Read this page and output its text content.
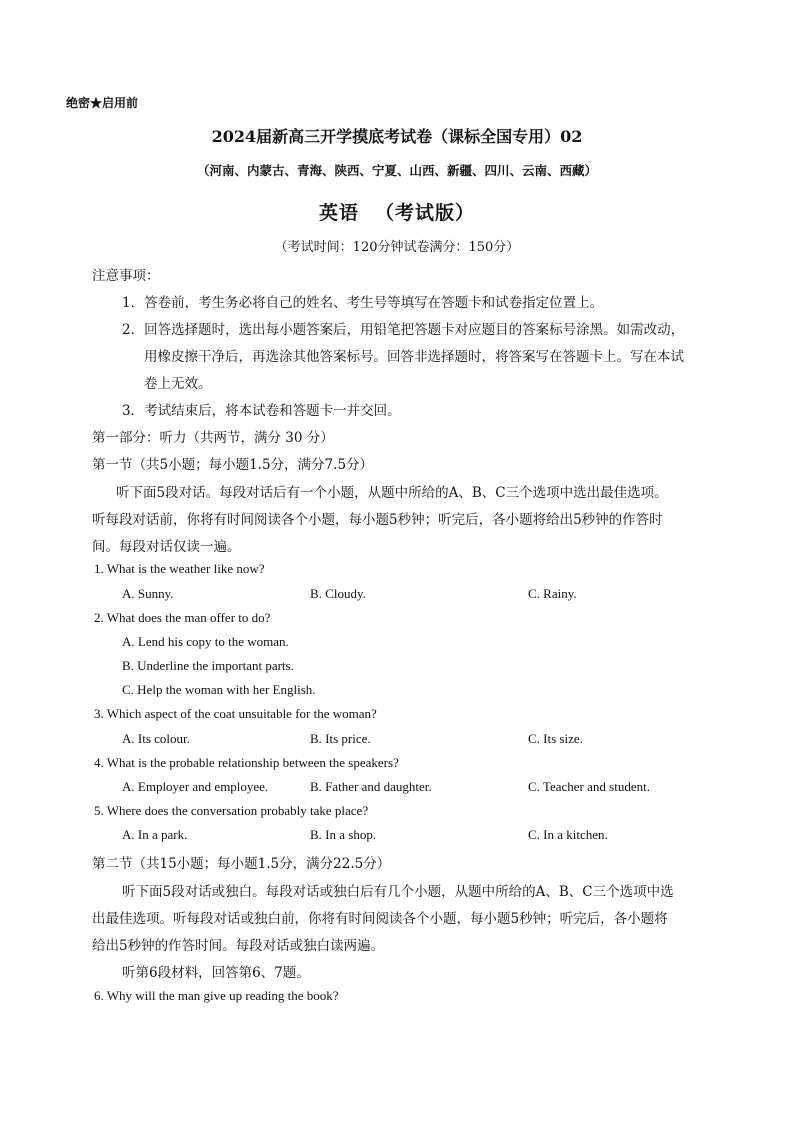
绝密★启用前
2024届新高三开学摸底考试卷（课标全国专用）02
（河南、内蒙古、青海、陕西、宁夏、山西、新疆、四川、云南、西藏）
英语 （考试版）
（考试时间：120分钟试卷满分：150分）
注意事项：
1．答卷前，考生务必将自己的姓名、考生号等填写在答题卡和试卷指定位置上。
2．回答选择题时，选出每小题答案后，用铅笔把答题卡对应题目的答案标号涂黑。如需改动，
用橡皮擦干净后，再选涂其他答案标号。回答非选择题时，将答案写在答题卡上。写在本试
卷上无效。
3．考试结束后，将本试卷和答题卡一并交回。
第一部分：听力（共两节，满分 30 分）
第一节（共5小题；每小题1.5分，满分7.5分）
听下面5段对话。每段对话后有一个小题，从题中所给的A、B、C三个选项中选出最佳选项。
听每段对话前，你将有时间阅读各个小题，每小题5秒钟；听完后，各小题将给出5秒钟的作答时
间。每段对话仅读一遍。
1. What is the weather like now?
A. Sunny.	B. Cloudy.	C. Rainy.
2. What does the man offer to do?
A. Lend his copy to the woman.
B. Underline the important parts.
C. Help the woman with her English.
3. Which aspect of the coat unsuitable for the woman?
A. Its colour.	B. Its price.	C. Its size.
4. What is the probable relationship between the speakers?
A. Employer and employee.	B. Father and daughter.	C. Teacher and student.
5. Where does the conversation probably take place?
A. In a park.	B. In a shop.	C. In a kitchen.
第二节（共15小题；每小题1.5分，满分22.5分）
听下面5段对话或独白。每段对话或独白后有几个小题，从题中所给的A、B、C三个选项中选
出最佳选项。听每段对话或独白前，你将有时间阅读各个小题，每小题5秒钟；听完后，各小题将
给出5秒钟的作答时间。每段对话或独白读两遍。
听第6段材料，回答第6、7题。
6. Why will the man give up reading the book?
